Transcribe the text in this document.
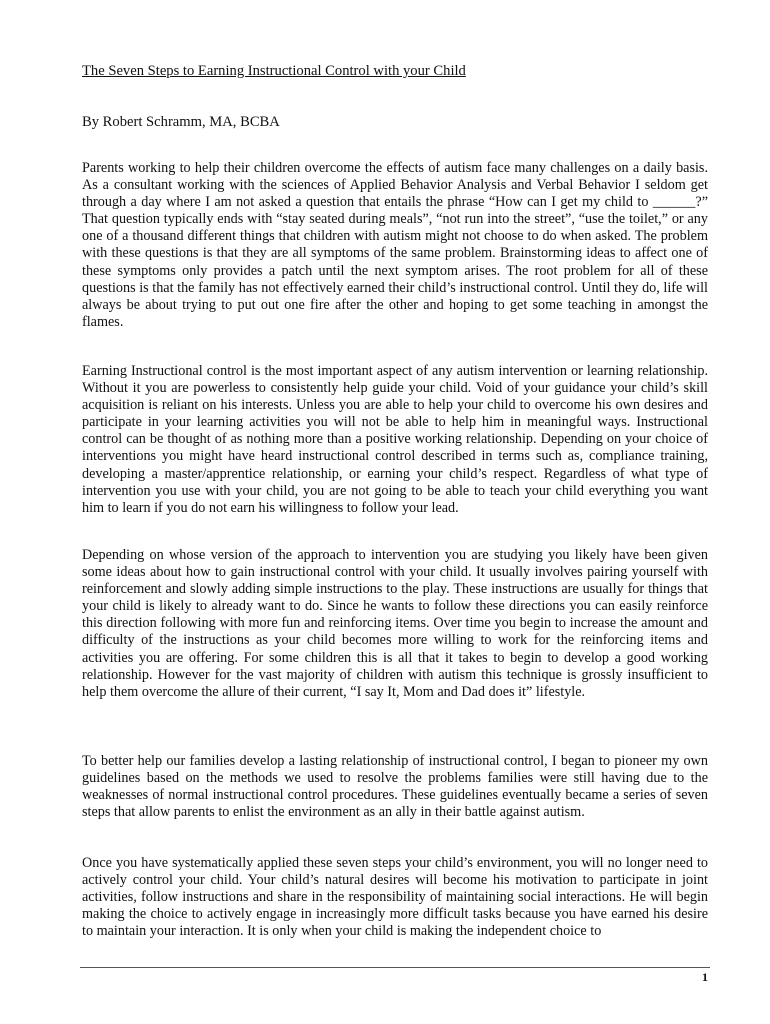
The Seven Steps to Earning Instructional Control with your Child

By Robert Schramm, MA, BCBA

Parents working to help their children overcome the effects of autism face many challenges on a daily basis. As a consultant working with the sciences of Applied Behavior Analysis and Verbal Behavior I seldom get through a day where I am not asked a question that entails the phrase “How can I get my child to ______?” That question typically ends with “stay seated during meals”, “not run into the street”, “use the toilet,” or any one of a thousand different things that children with autism might not choose to do when asked. The problem with these questions is that they are all symptoms of the same problem. Brainstorming ideas to affect one of these symptoms only provides a patch until the next symptom arises. The root problem for all of these questions is that the family has not effectively earned their child’s instructional control. Until they do, life will always be about trying to put out one fire after the other and hoping to get some teaching in amongst the flames.

Earning Instructional control is the most important aspect of any autism intervention or learning relationship. Without it you are powerless to consistently help guide your child. Void of your guidance your child’s skill acquisition is reliant on his interests. Unless you are able to help your child to overcome his own desires and participate in your learning activities you will not be able to help him in meaningful ways. Instructional control can be thought of as nothing more than a positive working relationship. Depending on your choice of interventions you might have heard instructional control described in terms such as, compliance training, developing a master/apprentice relationship, or earning your child’s respect. Regardless of what type of intervention you use with your child, you are not going to be able to teach your child everything you want him to learn if you do not earn his willingness to follow your lead.

Depending on whose version of the approach to intervention you are studying you likely have been given some ideas about how to gain instructional control with your child. It usually involves pairing yourself with reinforcement and slowly adding simple instructions to the play. These instructions are usually for things that your child is likely to already want to do. Since he wants to follow these directions you can easily reinforce this direction following with more fun and reinforcing items. Over time you begin to increase the amount and difficulty of the instructions as your child becomes more willing to work for the reinforcing items and activities you are offering. For some children this is all that it takes to begin to develop a good working relationship. However for the vast majority of children with autism this technique is grossly insufficient to help them overcome the allure of their current, “I say It, Mom and Dad does it” lifestyle.

To better help our families develop a lasting relationship of instructional control, I began to pioneer my own guidelines based on the methods we used to resolve the problems families were still having due to the weaknesses of normal instructional control procedures. These guidelines eventually became a series of seven steps that allow parents to enlist the environment as an ally in their battle against autism.

Once you have systematically applied these seven steps your child’s environment, you will no longer need to actively control your child. Your child’s natural desires will become his motivation to participate in joint activities, follow instructions and share in the responsibility of maintaining social interactions. He will begin making the choice to actively engage in increasingly more difficult tasks because you have earned his desire to maintain your interaction. It is only when your child is making the independent choice to

1
